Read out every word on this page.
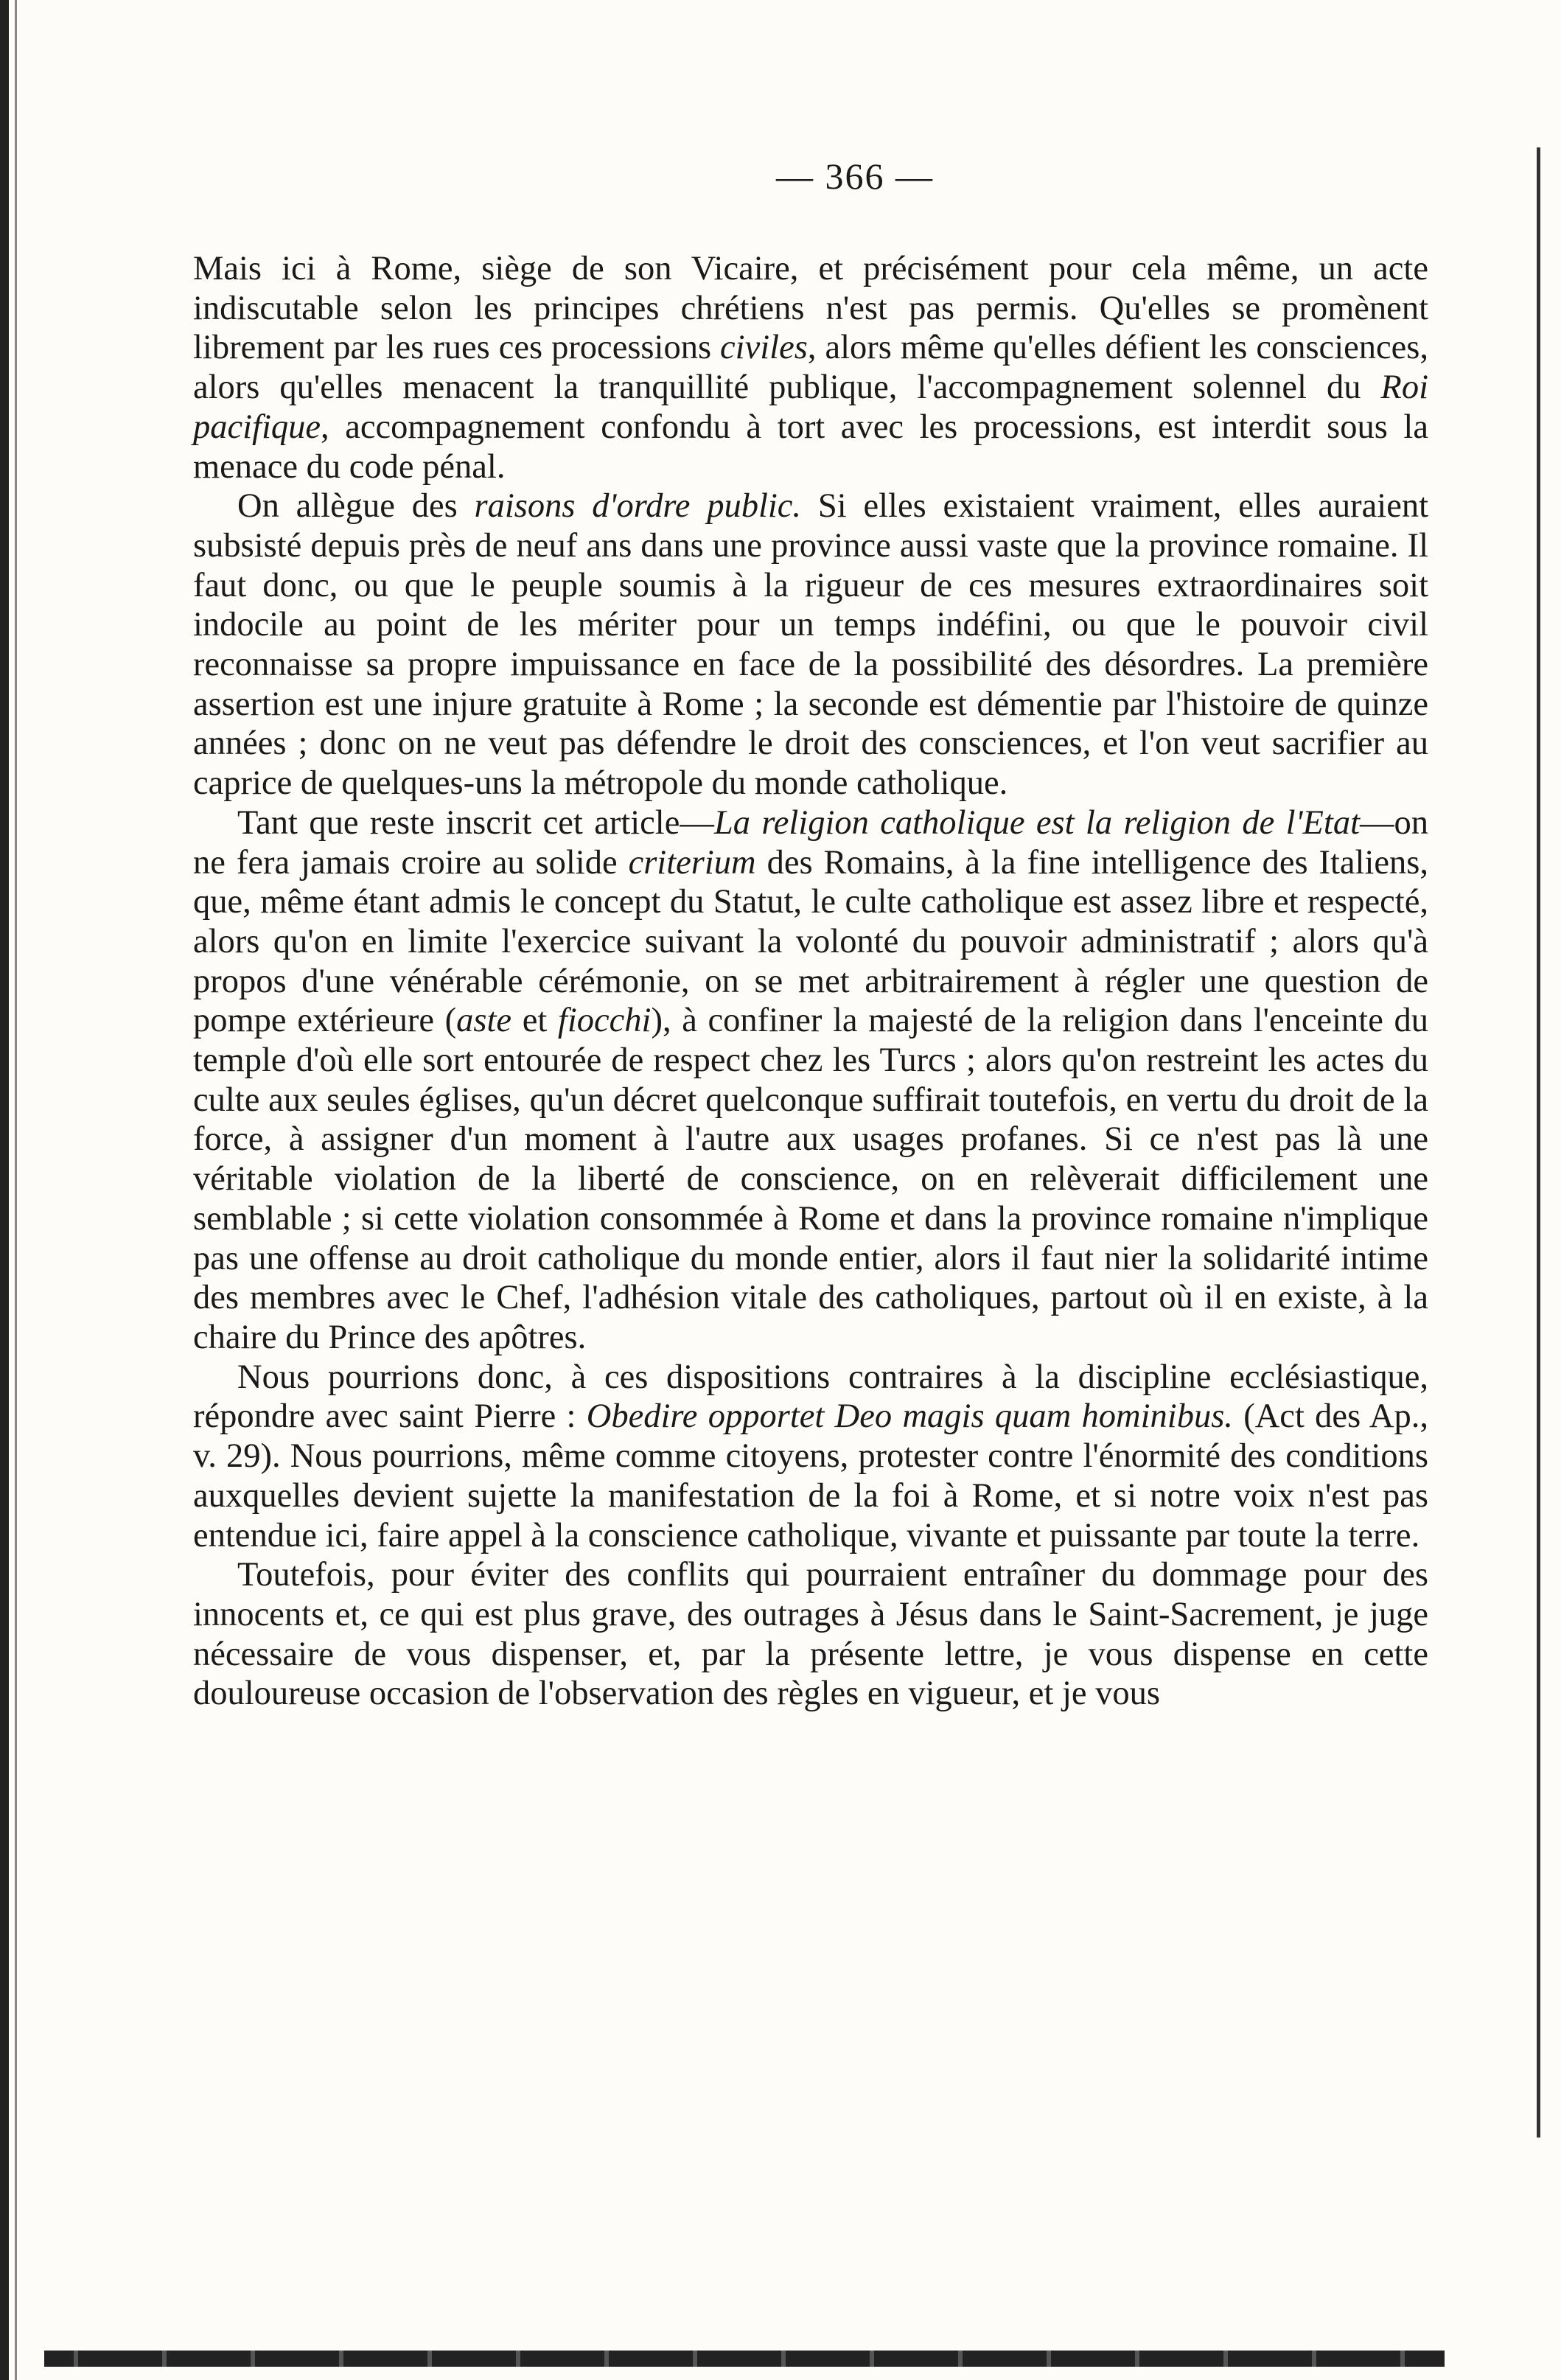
— 366 —

Mais ici à Rome, siège de son Vicaire, et précisément pour cela même, un acte indiscutable selon les principes chrétiens n'est pas permis. Qu'elles se promènent librement par les rues ces processions civiles, alors même qu'elles défient les consciences, alors qu'elles menacent la tranquillité publique, l'accompagnement solennel du Roi pacifique, accompagnement confondu à tort avec les processions, est interdit sous la menace du code pénal.

On allègue des raisons d'ordre public. Si elles existaient vraiment, elles auraient subsisté depuis près de neuf ans dans une province aussi vaste que la province romaine. Il faut donc, ou que le peuple soumis à la rigueur de ces mesures extraordinaires soit indocile au point de les mériter pour un temps indéfini, ou que le pouvoir civil reconnaisse sa propre impuissance en face de la possibilité des désordres. La première assertion est une injure gratuite à Rome ; la seconde est démentie par l'histoire de quinze années ; donc on ne veut pas défendre le droit des consciences, et l'on veut sacrifier au caprice de quelques-uns la métropole du monde catholique.

Tant que reste inscrit cet article—La religion catholique est la religion de l'Etat—on ne fera jamais croire au solide criterium des Romains, à la fine intelligence des Italiens, que, même étant admis le concept du Statut, le culte catholique est assez libre et respecté, alors qu'on en limite l'exercice suivant la volonté du pouvoir administratif ; alors qu'à propos d'une vénérable cérémonie, on se met arbitrairement à régler une question de pompe extérieure (aste et fiocchi), à confiner la majesté de la religion dans l'enceinte du temple d'où elle sort entourée de respect chez les Turcs ; alors qu'on restreint les actes du culte aux seules églises, qu'un décret quelconque suffirait toutefois, en vertu du droit de la force, à assigner d'un moment à l'autre aux usages profanes. Si ce n'est pas là une véritable violation de la liberté de conscience, on en relèverait difficilement une semblable ; si cette violation consommée à Rome et dans la province romaine n'implique pas une offense au droit catholique du monde entier, alors il faut nier la solidarité intime des membres avec le Chef, l'adhésion vitale des catholiques, partout où il en existe, à la chaire du Prince des apôtres.

Nous pourrions donc, à ces dispositions contraires à la discipline ecclésiastique, répondre avec saint Pierre : Obedire opportet Deo magis quam hominibus. (Act des Ap., v. 29). Nous pourrions, même comme citoyens, protester contre l'énormité des conditions auxquelles devient sujette la manifestation de la foi à Rome, et si notre voix n'est pas entendue ici, faire appel à la conscience catholique, vivante et puissante par toute la terre.

Toutefois, pour éviter des conflits qui pourraient entraîner du dommage pour des innocents et, ce qui est plus grave, des outrages à Jésus dans le Saint-Sacrement, je juge nécessaire de vous dispenser, et, par la présente lettre, je vous dispense en cette douloureuse occasion de l'observation des règles en vigueur, et je vous
